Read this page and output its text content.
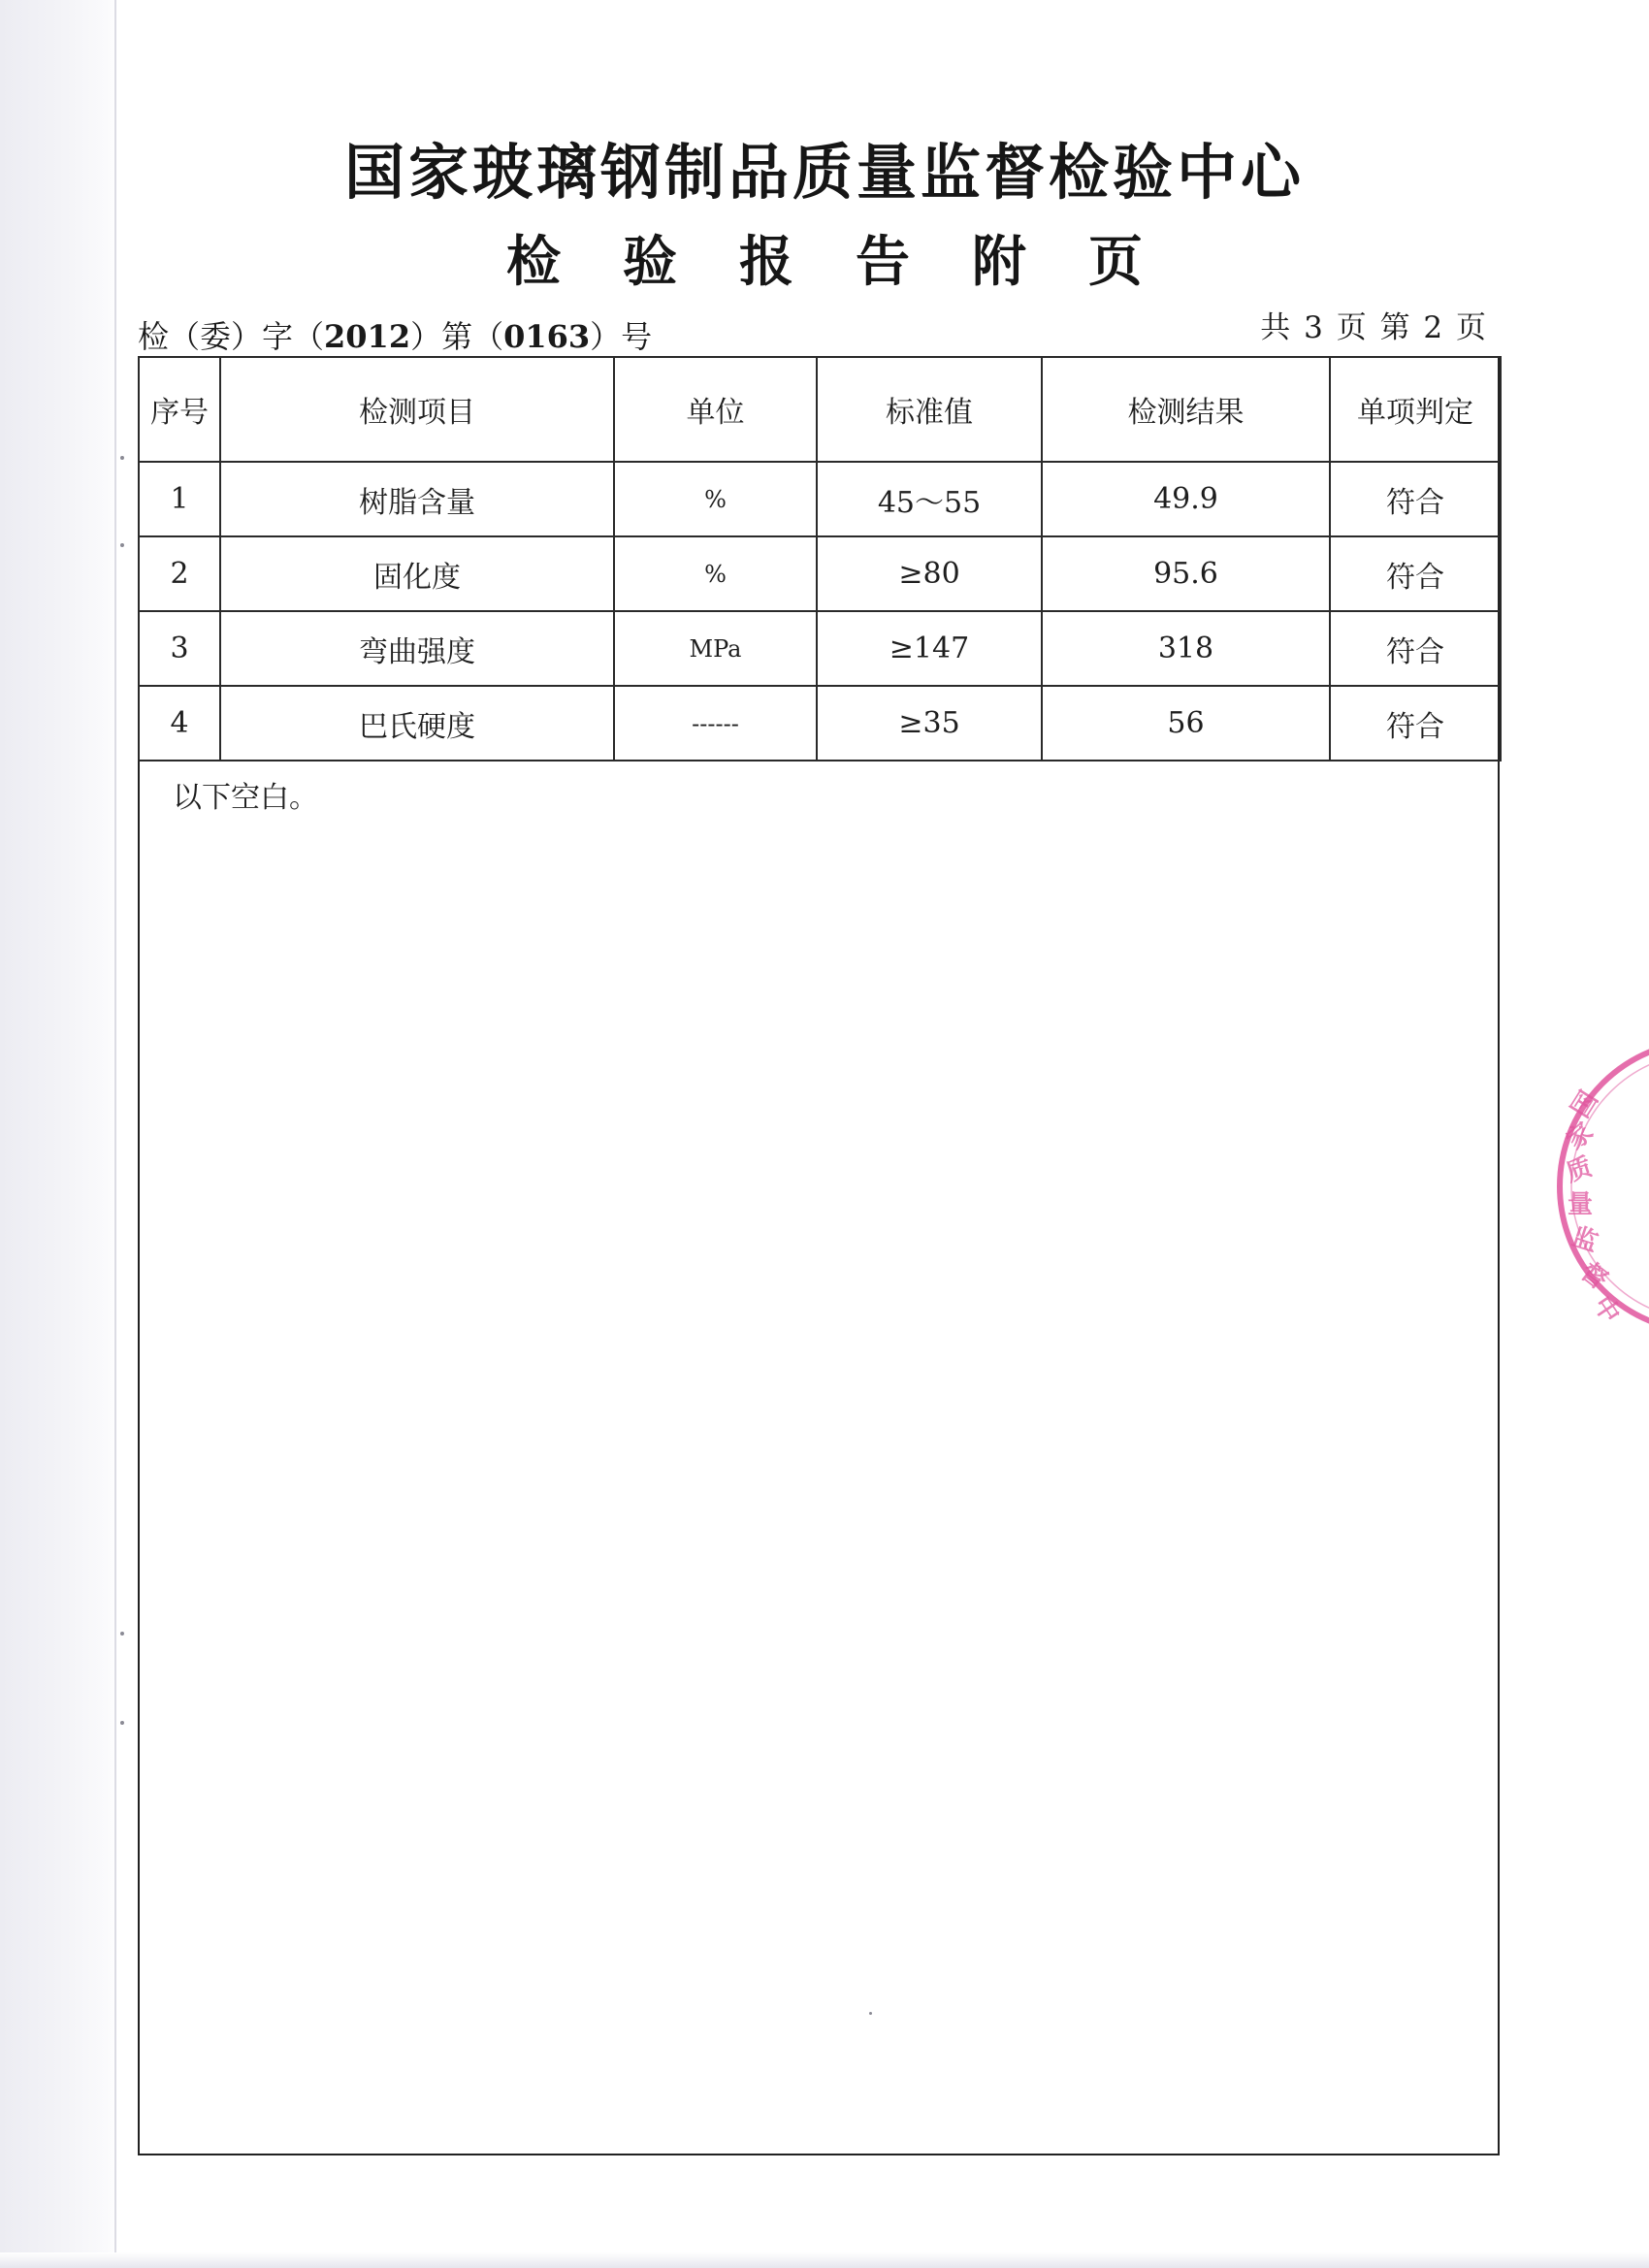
国家玻璃钢制品质量监督检验中心
检验报告附页
检（委）字（2012）第（0163）号	共 3 页 第 2 页
序号	检测项目	单位	标准值	检测结果	单项判定
1	树脂含量	%	45～55	49.9	符合
2	固化度	%	≥80	95.6	符合
3	弯曲强度	MPa	≥147	318	符合
4	巴氏硬度	------	≥35	56	符合
以下空白。
国
家
质
量
监
督
中
